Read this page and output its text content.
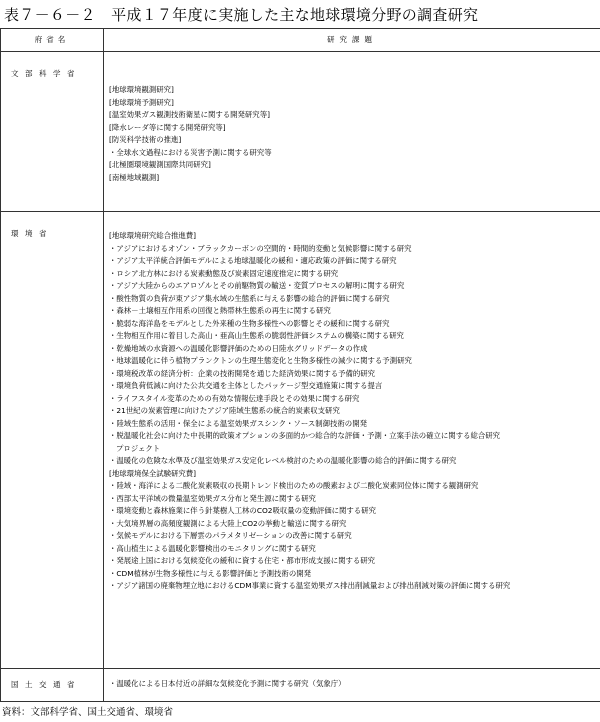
表７－６－２　平成１７年度に実施した主な地球環境分野の調査研究
府省名	研究課題
文部科学省
[地球環境観測研究]
[地球環境予測研究]
[温室効果ガス観測技術衛星に関する開発研究等]
[降水レーダ等に関する開発研究等]
[防災科学技術の推進]
・全球水文過程における災害予測に関する研究等
[北極圏環境観測国際共同研究]
[南極地域観測]
環境省	[地球環境研究総合推進費]
・アジアにおけるオゾン・ブラックカーボンの空間的・時間的変動と気候影響に関する研究
・アジア太平洋統合評価モデルによる地球温暖化の緩和・適応政策の評価に関する研究
・ロシア北方林における炭素動態及び炭素固定速度推定に関する研究
・アジア大陸からのエアロゾルとその前駆物質の輸送・変質プロセスの解明に関する研究
・酸性物質の負荷が東アジア集水域の生態系に与える影響の総合的評価に関する研究
・森林－土壌相互作用系の回復と熱帯林生態系の再生に関する研究
・脆弱な海洋島をモデルとした外来種の生物多様性への影響とその緩和に関する研究
・生物相互作用に着目した高山・亜高山生態系の脆弱性評価システムの構築に関する研究
・乾燥地域の水資源への温暖化影響評価のための日陸水グリッドデータの作成
・地球温暖化に伴う植物プランクトンの生理生態変化と生物多様性の減少に関する予測研究
・環境税改革の経済分析：企業の技術開発を通じた経済効果に関する予備的研究
・環境負荷低減に向けた公共交通を主体としたパッケージ型交通施策に関する提言
・ライフスタイル変革のための有効な情報伝達手段とその効果に関する研究
・21世紀の炭素管理に向けたアジア陸域生態系の統合的炭素収支研究
・陸域生態系の活用・保全による温室効果ガスシンク・ソース制御技術の開発
・脱温暖化社会に向けた中長期的政策オプションの多面的かつ総合的な評価・予測・立案手法の確立に関する総合研究
プロジェクト
・温暖化の危険な水準及び温室効果ガス安定化レベル検討のための温暖化影響の総合的評価に関する研究
[地球環境保全試験研究費]
・陸域・海洋による二酸化炭素吸収の長期トレンド検出のための酸素および二酸化炭素同位体に関する観測研究
・西部太平洋域の微量温室効果ガス分布と発生源に関する研究
・環境変動と森林施業に伴う針葉樹人工林のCO2吸収量の変動評価に関する研究
・大気境界層の高頻度観測による大陸上CO2の挙動と輸送に関する研究
・気候モデルにおける下層雲のパラメタリゼーションの改善に関する研究
・高山植生による温暖化影響検出のモニタリングに関する研究
・発展途上国における気候変化の緩和に資する住宅・都市形成支援に関する研究
・CDM植林が生物多様性に与える影響評価と予測技術の開発
・アジア諸国の廃棄物埋立地におけるCDM事業に資する温室効果ガス排出削減量および排出削減対策の評価に関する研究
国土交通省	・温暖化による日本付近の詳細な気候変化予測に関する研究（気象庁）
資料：文部科学省、国土交通省、環境省
